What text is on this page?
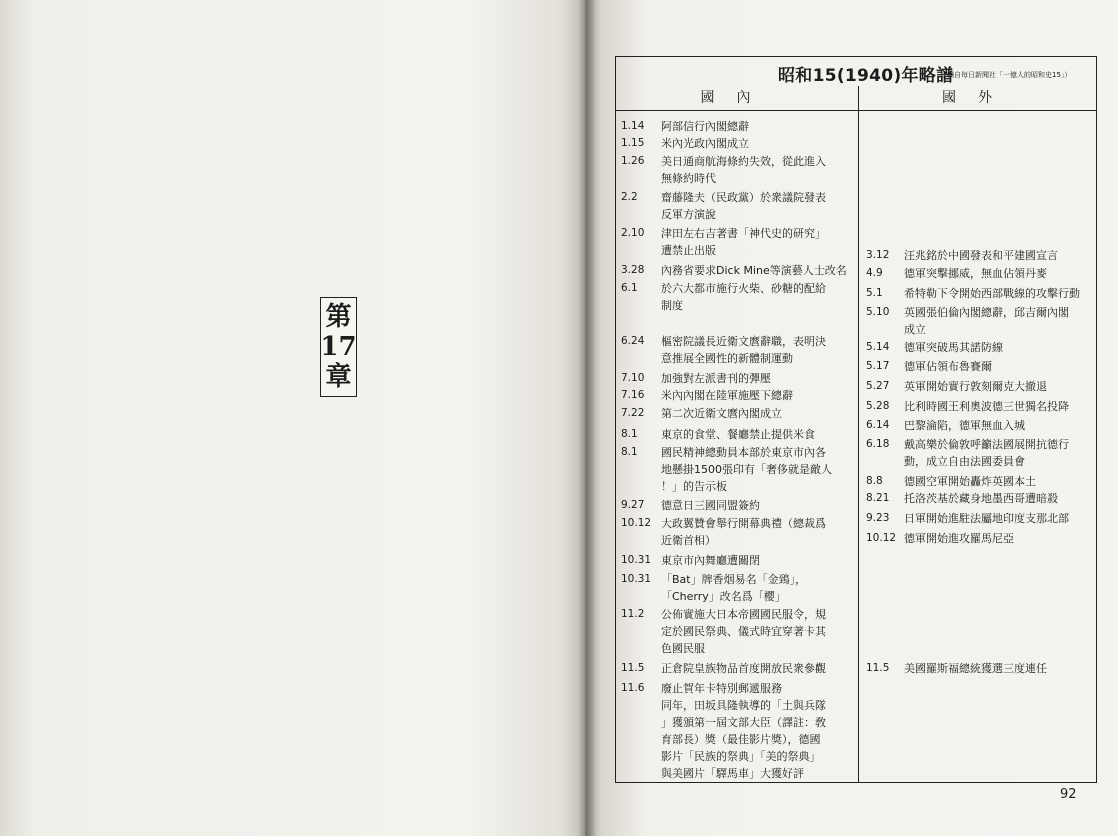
第
17
章
昭和15(1940)年略譜
（摘自每日新聞社「一億人的昭和史15」）
國內	國外
1.14	阿部信行內閣總辭
1.15	米內光政內閣成立
1.26	美日通商航海條約失效，從此進入
無條約時代
2.2	齋藤隆夫（民政黨）於衆議院發表
反軍方演說
2.10	津田左右吉著書「神代史的研究」
遭禁止出版
3.28	內務省要求Dick Mine等演藝人士改名
6.1	於六大都市施行火柴、砂糖的配給
制度
6.24	樞密院議長近衛文麿辭職，表明決
意推展全國性的新體制運動
7.10	加強對左派書刊的彈壓
7.16	米內內閣在陸軍施壓下總辭
7.22	第二次近衛文麿內閣成立
8.1	東京的食堂、餐廳禁止提供米食
8.1	國民精神總動員本部於東京市內各
地懸掛1500張印有「奢侈就是敵人
！」的告示板
9.27	德意日三國同盟簽約
10.12 大政翼贊會舉行開幕典禮（總裁爲
近衛首相）
10.31 東京市內舞廳遭關閉
10.31 「Bat」牌香烟易名「金鵄」，
「Cherry」改名爲「櫻」
11.2	公佈實施大日本帝國國民服令，規
定於國民祭典、儀式時宜穿著卡其
色國民服
11.5	正倉院皇族物品首度開放民衆參觀
11.6	廢止賀年卡特別郵遞服務
同年，田坂具隆執導的「土與兵隊
」獲頒第一屆文部大臣（譯註：敎
育部長）獎（最佳影片獎），德國
影片「民族的祭典」「美的祭典」
與美國片「驛馬車」大獲好評
3.12	汪兆銘於中國發表和平建國宣言
4.9	德軍突擊挪威，無血佔領丹麥
5.1	希特勒下令開始西部戰線的攻擊行動
5.10	英國張伯倫內閣總辭，邱吉爾內閣
成立
5.14	德軍突破馬其諾防線
5.17	德軍佔領布魯賽爾
5.27	英軍開始實行敦刻爾克大撤退
5.28	比利時國王利奧波德三世獨名投降
6.14	巴黎淪陷，德軍無血入城
6.18	戴高樂於倫敦呼籲法國展開抗德行
動，成立自由法國委員會
8.8	德國空軍開始轟炸英國本土
8.21	托洛茨基於藏身地墨西哥遭暗殺
9.23	日軍開始進駐法屬地印度支那北部
10.12 德軍開始進攻羅馬尼亞
11.5	美國羅斯福總統獲選三度連任
92
